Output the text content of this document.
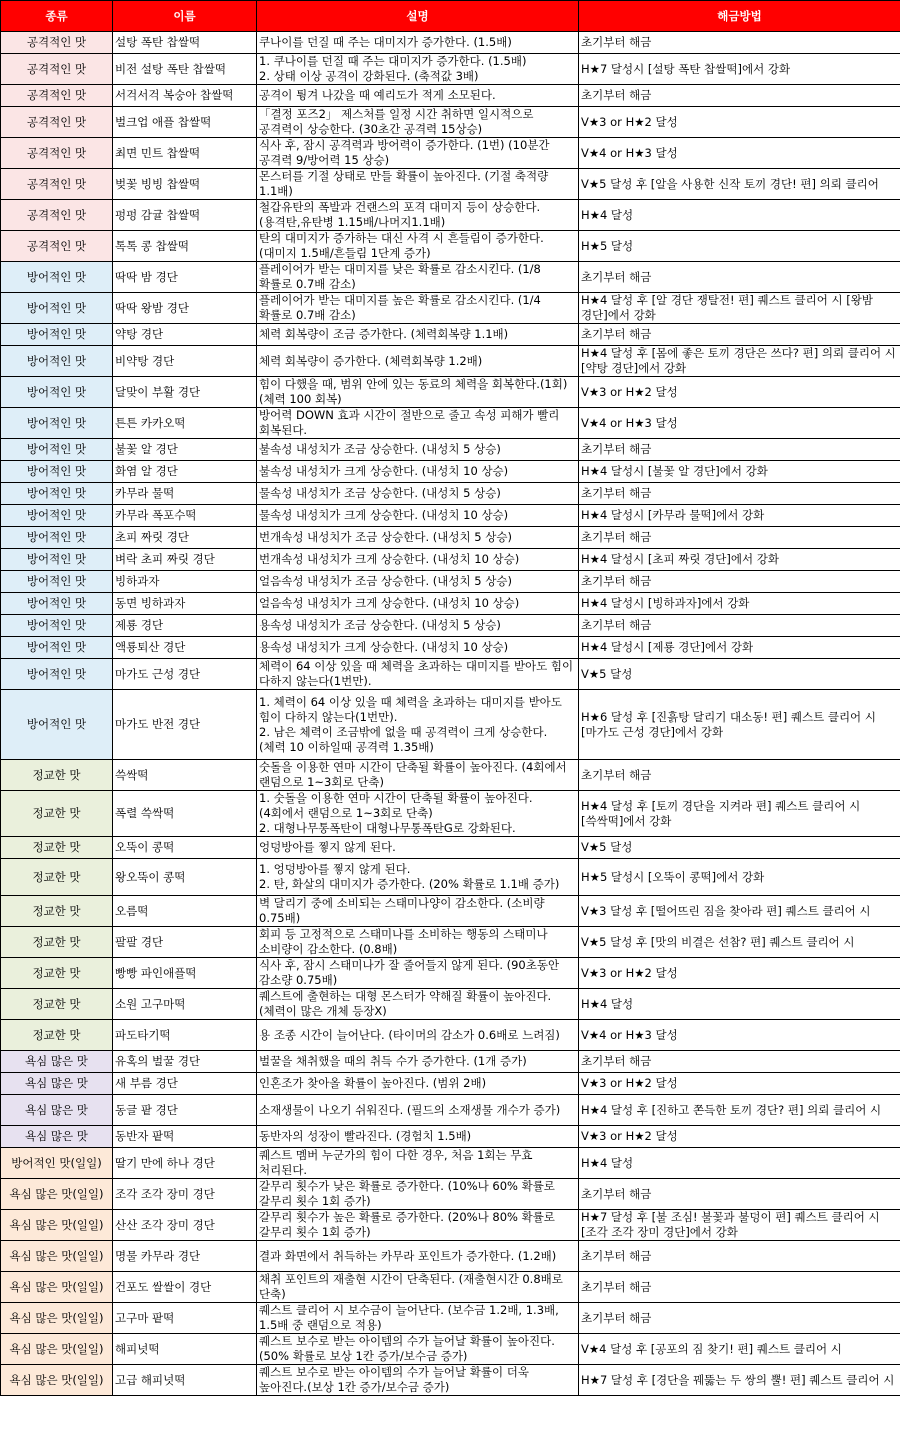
종류	이름	설명	해금방법
공격적인 맛	설탕 폭탄 찹쌀떡	쿠나이를 던질 때 주는 대미지가 증가한다. (1.5배)	초기부터 해금
공격적인 맛	비전 설탕 폭탄 찹쌀떡	1. 쿠나이를 던질 때 주는 대미지가 증가한다. (1.5배)
2. 상태 이상 공격이 강화된다. (축적값 3배)	H★7 달성시 [설탕 폭탄 찹쌀떡]에서 강화
공격적인 맛	서걱서걱 복숭아 찹쌀떡	공격이 튕겨 나갔을 때 예리도가 적게 소모된다.	초기부터 해금
공격적인 맛	벌크업 애플 찹쌀떡	「결정 포즈2」 제스처를 일정 시간 취하면 일시적으로 공격력이 상승한다. (30초간 공격력 15상승)	V★3 or H★2 달성
공격적인 맛	최면 민트 찹쌀떡	식사 후, 잠시 공격력과 방어력이 증가한다. (1번) (10분간 공격력 9/방어력 15 상승)	V★4 or H★3 달성
공격적인 맛	벚꽃 빙빙 찹쌀떡	몬스터를 기절 상태로 만들 확률이 높아진다. (기절 축적량 1.1배)	V★5 달성 후 [알을 사용한 신작 토끼 경단! 편] 의뢰 클리어
공격적인 맛	펑펑 감귤 찹쌀떡	철갑유탄의 폭발과 건랜스의 포격 대미지 등이 상승한다. (용격탄,유탄병 1.15배/나머지1.1배)	H★4 달성
공격적인 맛	톡톡 콩 찹쌀떡	탄의 대미지가 증가하는 대신 사격 시 흔들림이 증가한다. (대미지 1.5배/흔들림 1단계 증가)	H★5 달성
방어적인 맛	딱딱 밤 경단	플레이어가 받는 대미지를 낮은 확률로 감소시킨다. (1/8 확률로 0.7배 감소)	초기부터 해금
방어적인 맛	딱딱 왕밤 경단	플레이어가 받는 대미지를 높은 확률로 감소시킨다. (1/4 확률로 0.7배 감소)	H★4 달성 후 [알 경단 쟁탈전! 편] 퀘스트 클리어 시 [왕밤 경단]에서 강화
방어적인 맛	약탕 경단	체력 회복량이 조금 증가한다. (체력회복량 1.1배)	초기부터 해금
방어적인 맛	비약탕 경단	체력 회복량이 증가한다. (체력회복량 1.2배)	H★4 달성 후 [몸에 좋은 토끼 경단은 쓰다? 편] 의뢰 클리어 시 [약탕 경단]에서 강화
방어적인 맛	달맞이 부활 경단	힘이 다했을 때, 범위 안에 있는 동료의 체력을 회복한다.(1회) (체력 100 회복)	V★3 or H★2 달성
방어적인 맛	튼튼 카카오떡	방어력 DOWN 효과 시간이 절반으로 줄고 속성 피해가 빨리 회복된다.	V★4 or H★3 달성
방어적인 맛	불꽃 알 경단	불속성 내성치가 조금 상승한다. (내성치 5 상승)	초기부터 해금
방어적인 맛	화염 알 경단	불속성 내성치가 크게 상승한다. (내성치 10 상승)	H★4 달성시 [불꽃 알 경단]에서 강화
방어적인 맛	카무라 물떡	물속성 내성치가 조금 상승한다. (내성치 5 상승)	초기부터 해금
방어적인 맛	카무라 폭포수떡	물속성 내성치가 크게 상승한다. (내성치 10 상승)	H★4 달성시 [카무라 물떡]에서 강화
방어적인 맛	초피 짜릿 경단	번개속성 내성치가 조금 상승한다. (내성치 5 상승)	초기부터 해금
방어적인 맛	벼락 초피 짜릿 경단	번개속성 내성치가 크게 상승한다. (내성치 10 상승)	H★4 달성시 [초피 짜릿 경단]에서 강화
방어적인 맛	빙하과자	얼음속성 내성치가 조금 상승한다. (내성치 5 상승)	초기부터 해금
방어적인 맛	동면 빙하과자	얼음속성 내성치가 크게 상승한다. (내성치 10 상승)	H★4 달성시 [빙하과자]에서 강화
방어적인 맛	제룡 경단	용속성 내성치가 조금 상승한다. (내성치 5 상승)	초기부터 해금
방어적인 맛	액룡퇴산 경단	용속성 내성치가 크게 상승한다. (내성치 10 상승)	H★4 달성시 [제룡 경단]에서 강화
방어적인 맛	마가도 근성 경단	체력이 64 이상 있을 때 체력을 초과하는 대미지를 받아도 힘이 다하지 않는다(1번만).	V★5 달성
방어적인 맛	마가도 반전 경단	1. 체력이 64 이상 있을 때 체력을 초과하는 대미지를 받아도 힘이 다하지 않는다(1번만).
2. 남은 체력이 조금밖에 없을 때 공격력이 크게 상승한다. (체력 10 이하일때 공격력 1.35배)	H★6 달성 후 [진흙탕 달리기 대소동! 편] 퀘스트 클리어 시 [마가도 근성 경단]에서 강화
정교한 맛	쓱싹떡	숫돌을 이용한 연마 시간이 단축될 확률이 높아진다. (4회에서 랜덤으로 1~3회로 단축)	초기부터 해금
정교한 맛	폭렬 쓱싹떡	1. 숫돌을 이용한 연마 시간이 단축될 확률이 높아진다. (4회에서 랜덤으로 1~3회로 단축)
2. 대형나무통폭탄이 대형나무통폭탄G로 강화된다.	H★4 달성 후 [토끼 경단을 지켜라 편] 퀘스트 클리어 시 [쓱싹떡]에서 강화
정교한 맛	오뚝이 콩떡	엉덩방아를 찧지 않게 된다.	V★5 달성
정교한 맛	왕오뚝이 콩떡	1. 엉덩방아를 찧지 않게 된다.
2. 탄, 화살의 대미지가 증가한다. (20% 확률로 1.1배 증가)	H★5 달성시 [오뚝이 콩떡]에서 강화
정교한 맛	오름떡	벽 달리기 중에 소비되는 스태미나양이 감소한다. (소비량 0.75배)	V★3 달성 후 [떨어뜨린 짐을 찾아라 편] 퀘스트 클리어 시
정교한 맛	팔팔 경단	회피 등 고정적으로 스태미나를 소비하는 행동의 스태미나 소비량이 감소한다. (0.8배)	V★5 달성 후 [맛의 비결은 선참? 편] 퀘스트 클리어 시
정교한 맛	빵빵 파인애플떡	식사 후, 잠시 스태미나가 잘 줄어들지 않게 된다. (90초동안 감소량 0.75배)	V★3 or H★2 달성
정교한 맛	소원 고구마떡	퀘스트에 출현하는 대형 몬스터가 약해질 확률이 높아진다. (체력이 많은 개체 등장X)	H★4 달성
정교한 맛	파도타기떡	용 조종 시간이 늘어난다. (타이머의 감소가 0.6배로 느려짐)	V★4 or H★3 달성
욕심 많은 맛	유혹의 벌꿀 경단	벌꿀을 채취했을 때의 취득 수가 증가한다. (1개 증가)	초기부터 해금
욕심 많은 맛	새 부름 경단	인혼조가 찾아올 확률이 높아진다. (범위 2배)	V★3 or H★2 달성
욕심 많은 맛	동글 팥 경단	소재생물이 나오기 쉬워진다. (필드의 소재생물 개수가 증가)	H★4 달성 후 [진하고 쫀득한 토끼 경단? 편] 의뢰 클리어 시
욕심 많은 맛	동반자 팥떡	동반자의 성장이 빨라진다. (경험치 1.5배)	V★3 or H★2 달성
방어적인 맛(일일)	딸기 만에 하나 경단	퀘스트 멤버 누군가의 힘이 다한 경우, 처음 1회는 무효 처리된다.	H★4 달성
욕심 많은 맛(일일)	조각 조각 장미 경단	갈무리 횟수가 낮은 확률로 증가한다. (10%나 60% 확률로 갈무리 횟수 1회 증가)	초기부터 해금
욕심 많은 맛(일일)	산산 조각 장미 경단	갈무리 횟수가 높은 확률로 증가한다. (20%나 80% 확률로 갈무리 횟수 1회 증가)	H★7 달성 후 [불 조심! 불꽃과 불덩이 편] 퀘스트 클리어 시 [조각 조각 장미 경단]에서 강화
욕심 많은 맛(일일)	명물 카무라 경단	결과 화면에서 취득하는 카무라 포인트가 증가한다. (1.2배)	초기부터 해금
욕심 많은 맛(일일)	건포도 쌀쌀이 경단	채취 포인트의 재출현 시간이 단축된다. (재출현시간 0.8배로 단축)	초기부터 해금
욕심 많은 맛(일일)	고구마 팥떡	퀘스트 클리어 시 보수금이 늘어난다. (보수금 1.2배, 1.3배, 1.5배 중 랜덤으로 적용)	초기부터 해금
욕심 많은 맛(일일)	해피넛떡	퀘스트 보수로 받는 아이템의 수가 늘어날 확률이 높아진다.(50% 확률로 보상 1칸 증가/보수금 증가)	V★4 달성 후 [공포의 짐 찾기! 편] 퀘스트 클리어 시
욕심 많은 맛(일일)	고급 해피넛떡	퀘스트 보수로 받는 아이템의 수가 늘어날 확률이 더욱 높아진다.(보상 1칸 증가/보수금 증가)	H★7 달성 후 [경단을 꿰뚫는 두 쌍의 뿔! 편] 퀘스트 클리어 시
